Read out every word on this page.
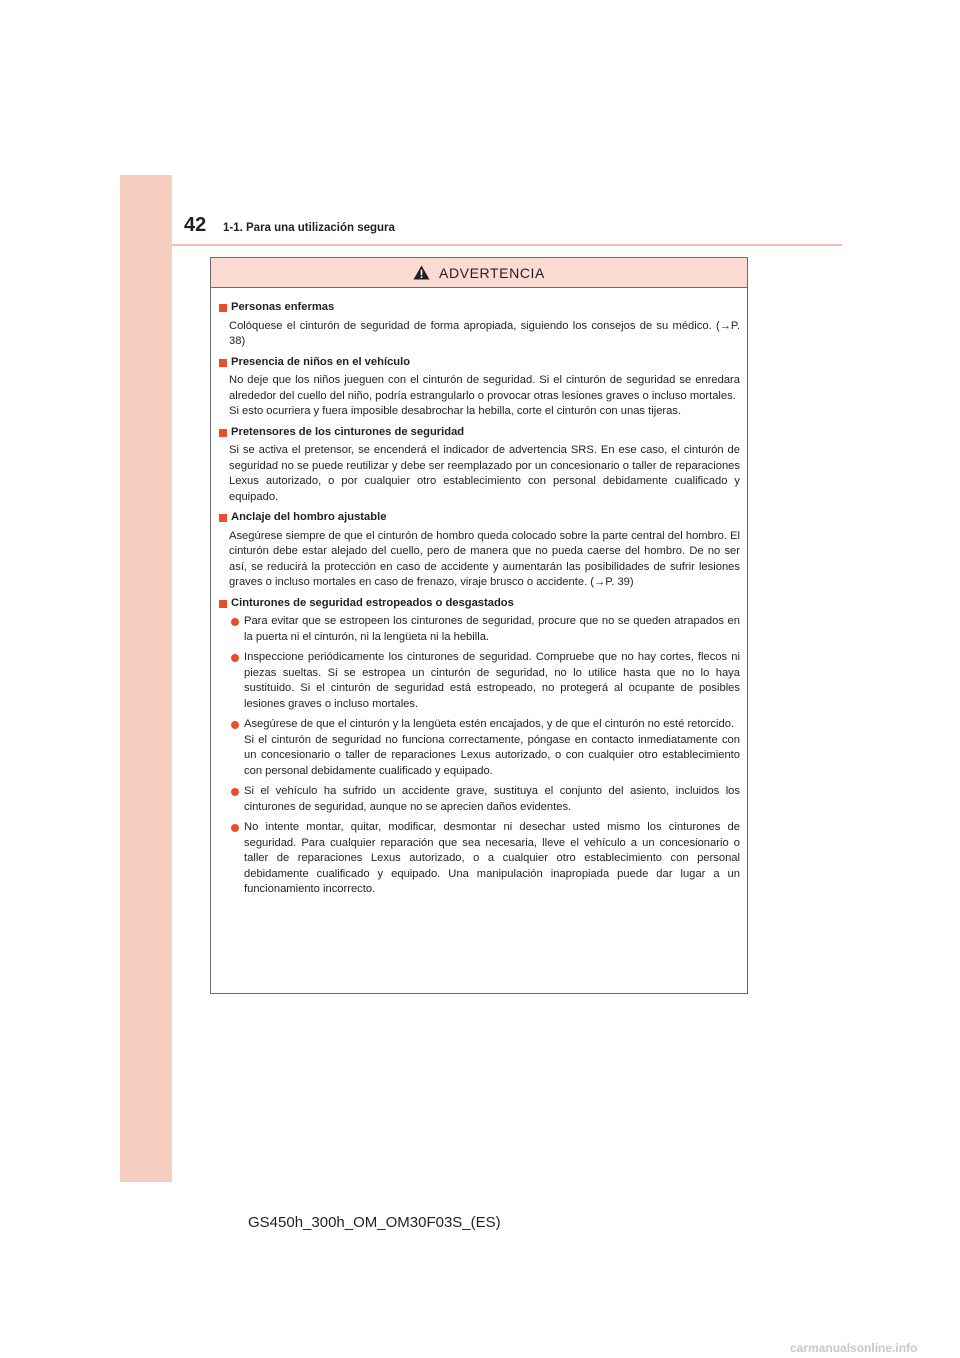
42 1-1. Para una utilización segura
ADVERTENCIA
Personas enfermas

Colóquese el cinturón de seguridad de forma apropiada, siguiendo los consejos de su médico. (→P. 38)

Presencia de niños en el vehículo

No deje que los niños jueguen con el cinturón de seguridad. Si el cinturón de seguridad se enredara alrededor del cuello del niño, podría estrangularlo o provocar otras lesiones graves o incluso mortales.

Si esto ocurriera y fuera imposible desabrochar la hebilla, corte el cinturón con unas tijeras.

Pretensores de los cinturones de seguridad

Si se activa el pretensor, se encenderá el indicador de advertencia SRS. En ese caso, el cinturón de seguridad no se puede reutilizar y debe ser reemplazado por un concesionario o taller de reparaciones Lexus autorizado, o por cualquier otro establecimiento con personal debidamente cualificado y equipado.

Anclaje del hombro ajustable

Asegúrese siempre de que el cinturón de hombro queda colocado sobre la parte central del hombro. El cinturón debe estar alejado del cuello, pero de manera que no pueda caerse del hombro. De no ser así, se reducirá la protección en caso de accidente y aumentarán las posibilidades de sufrir lesiones graves o incluso mortales en caso de frenazo, viraje brusco o accidente. (→P. 39)

Cinturones de seguridad estropeados o desgastados

Para evitar que se estropeen los cinturones de seguridad, procure que no se queden atrapados en la puerta ni el cinturón, ni la lengüeta ni la hebilla.

Inspeccione periódicamente los cinturones de seguridad. Compruebe que no hay cortes, flecos ni piezas sueltas. Si se estropea un cinturón de seguridad, no lo utilice hasta que no lo haya sustituido. Si el cinturón de seguridad está estropeado, no protegerá al ocupante de posibles lesiones graves o incluso mortales.

Asegúrese de que el cinturón y la lengüeta estén encajados, y de que el cinturón no esté retorcido.

Si el cinturón de seguridad no funciona correctamente, póngase en contacto inmediatamente con un concesionario o taller de reparaciones Lexus autorizado, o con cualquier otro establecimiento con personal debidamente cualificado y equipado.

Si el vehículo ha sufrido un accidente grave, sustituya el conjunto del asiento, incluidos los cinturones de seguridad, aunque no se aprecien daños evidentes.

No intente montar, quitar, modificar, desmontar ni desechar usted mismo los cinturones de seguridad. Para cualquier reparación que sea necesaria, lleve el vehículo a un concesionario o taller de reparaciones Lexus autorizado, o a cualquier otro establecimiento con personal debidamente cualificado y equipado. Una manipulación inapropiada puede dar lugar a un funcionamiento incorrecto.

GS450h_300h_OM_OM30F03S_(ES)
carmanualsonline.info
